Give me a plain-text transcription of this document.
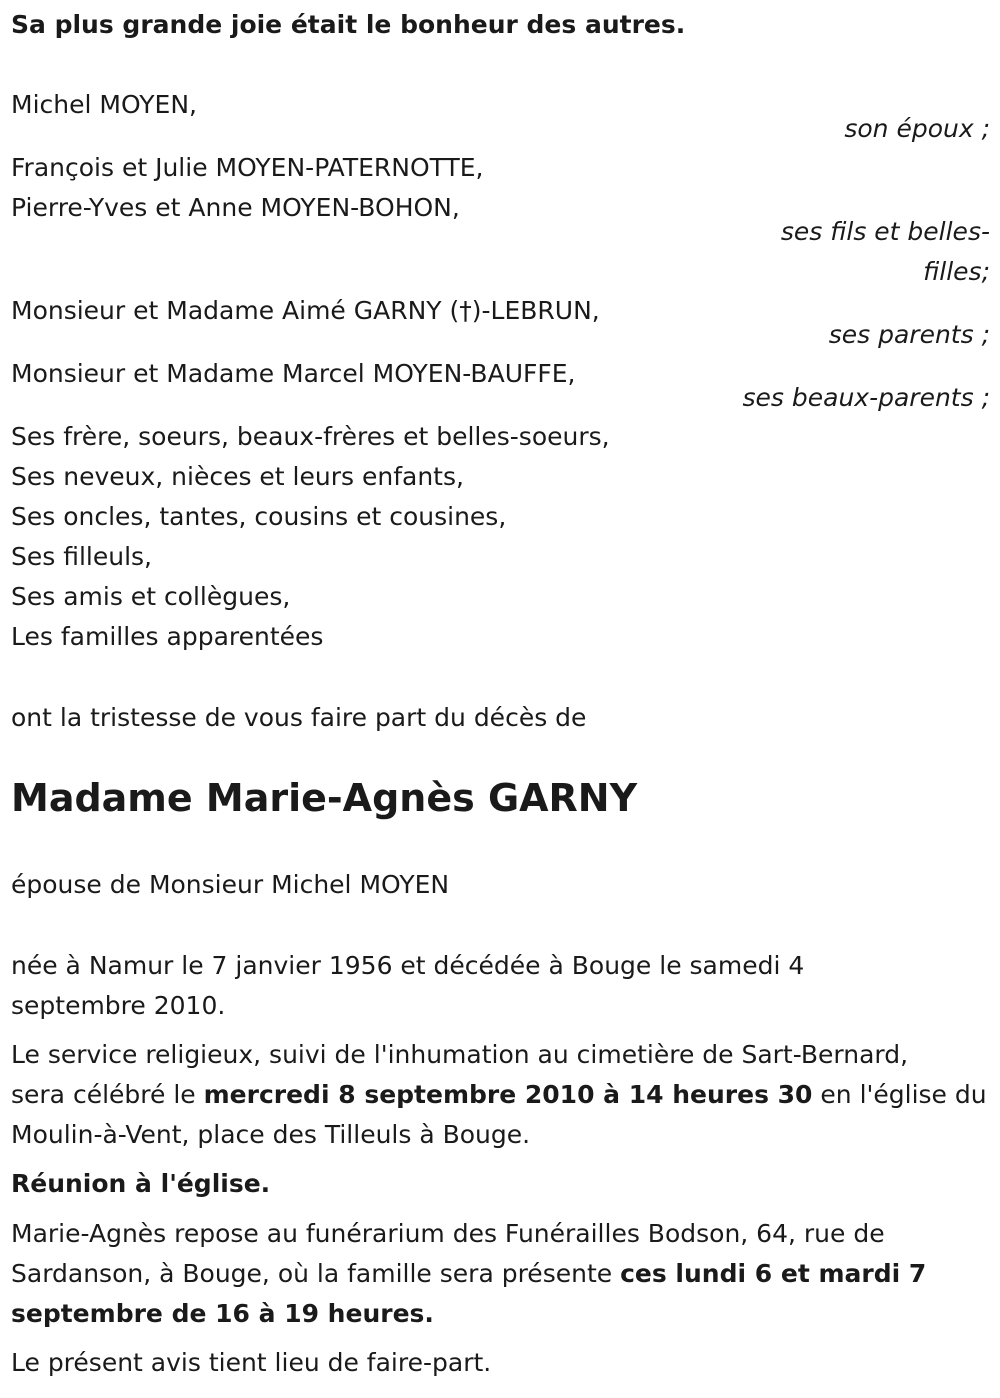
Sa plus grande joie était le bonheur des autres.
Michel MOYEN,
son époux ;
François et Julie MOYEN-PATERNOTTE,
Pierre-Yves et Anne MOYEN-BOHON,
ses fils et belles-
filles;
Monsieur et Madame Aimé GARNY (†)-LEBRUN,
ses parents ;
Monsieur et Madame Marcel MOYEN-BAUFFE,
ses beaux-parents ;
Ses frère, soeurs, beaux-frères et belles-soeurs,
Ses neveux, nièces et leurs enfants,
Ses oncles, tantes, cousins et cousines,
Ses filleuls,
Ses amis et collègues,
Les familles apparentées
ont la tristesse de vous faire part du décès de
Madame Marie-Agnès GARNY
épouse de Monsieur Michel MOYEN
née à Namur le 7 janvier 1956 et décédée à Bouge le samedi 4
septembre 2010.
Le service religieux, suivi de l'inhumation au cimetière de Sart-Bernard,
sera célébré le mercredi 8 septembre 2010 à 14 heures 30 en l'église du
Moulin-à-Vent, place des Tilleuls à Bouge.
Réunion à l'église.
Marie-Agnès repose au funérarium des Funérailles Bodson, 64, rue de
Sardanson, à Bouge, où la famille sera présente ces lundi 6 et mardi 7
septembre de 16 à 19 heures.
Le présent avis tient lieu de faire-part.
